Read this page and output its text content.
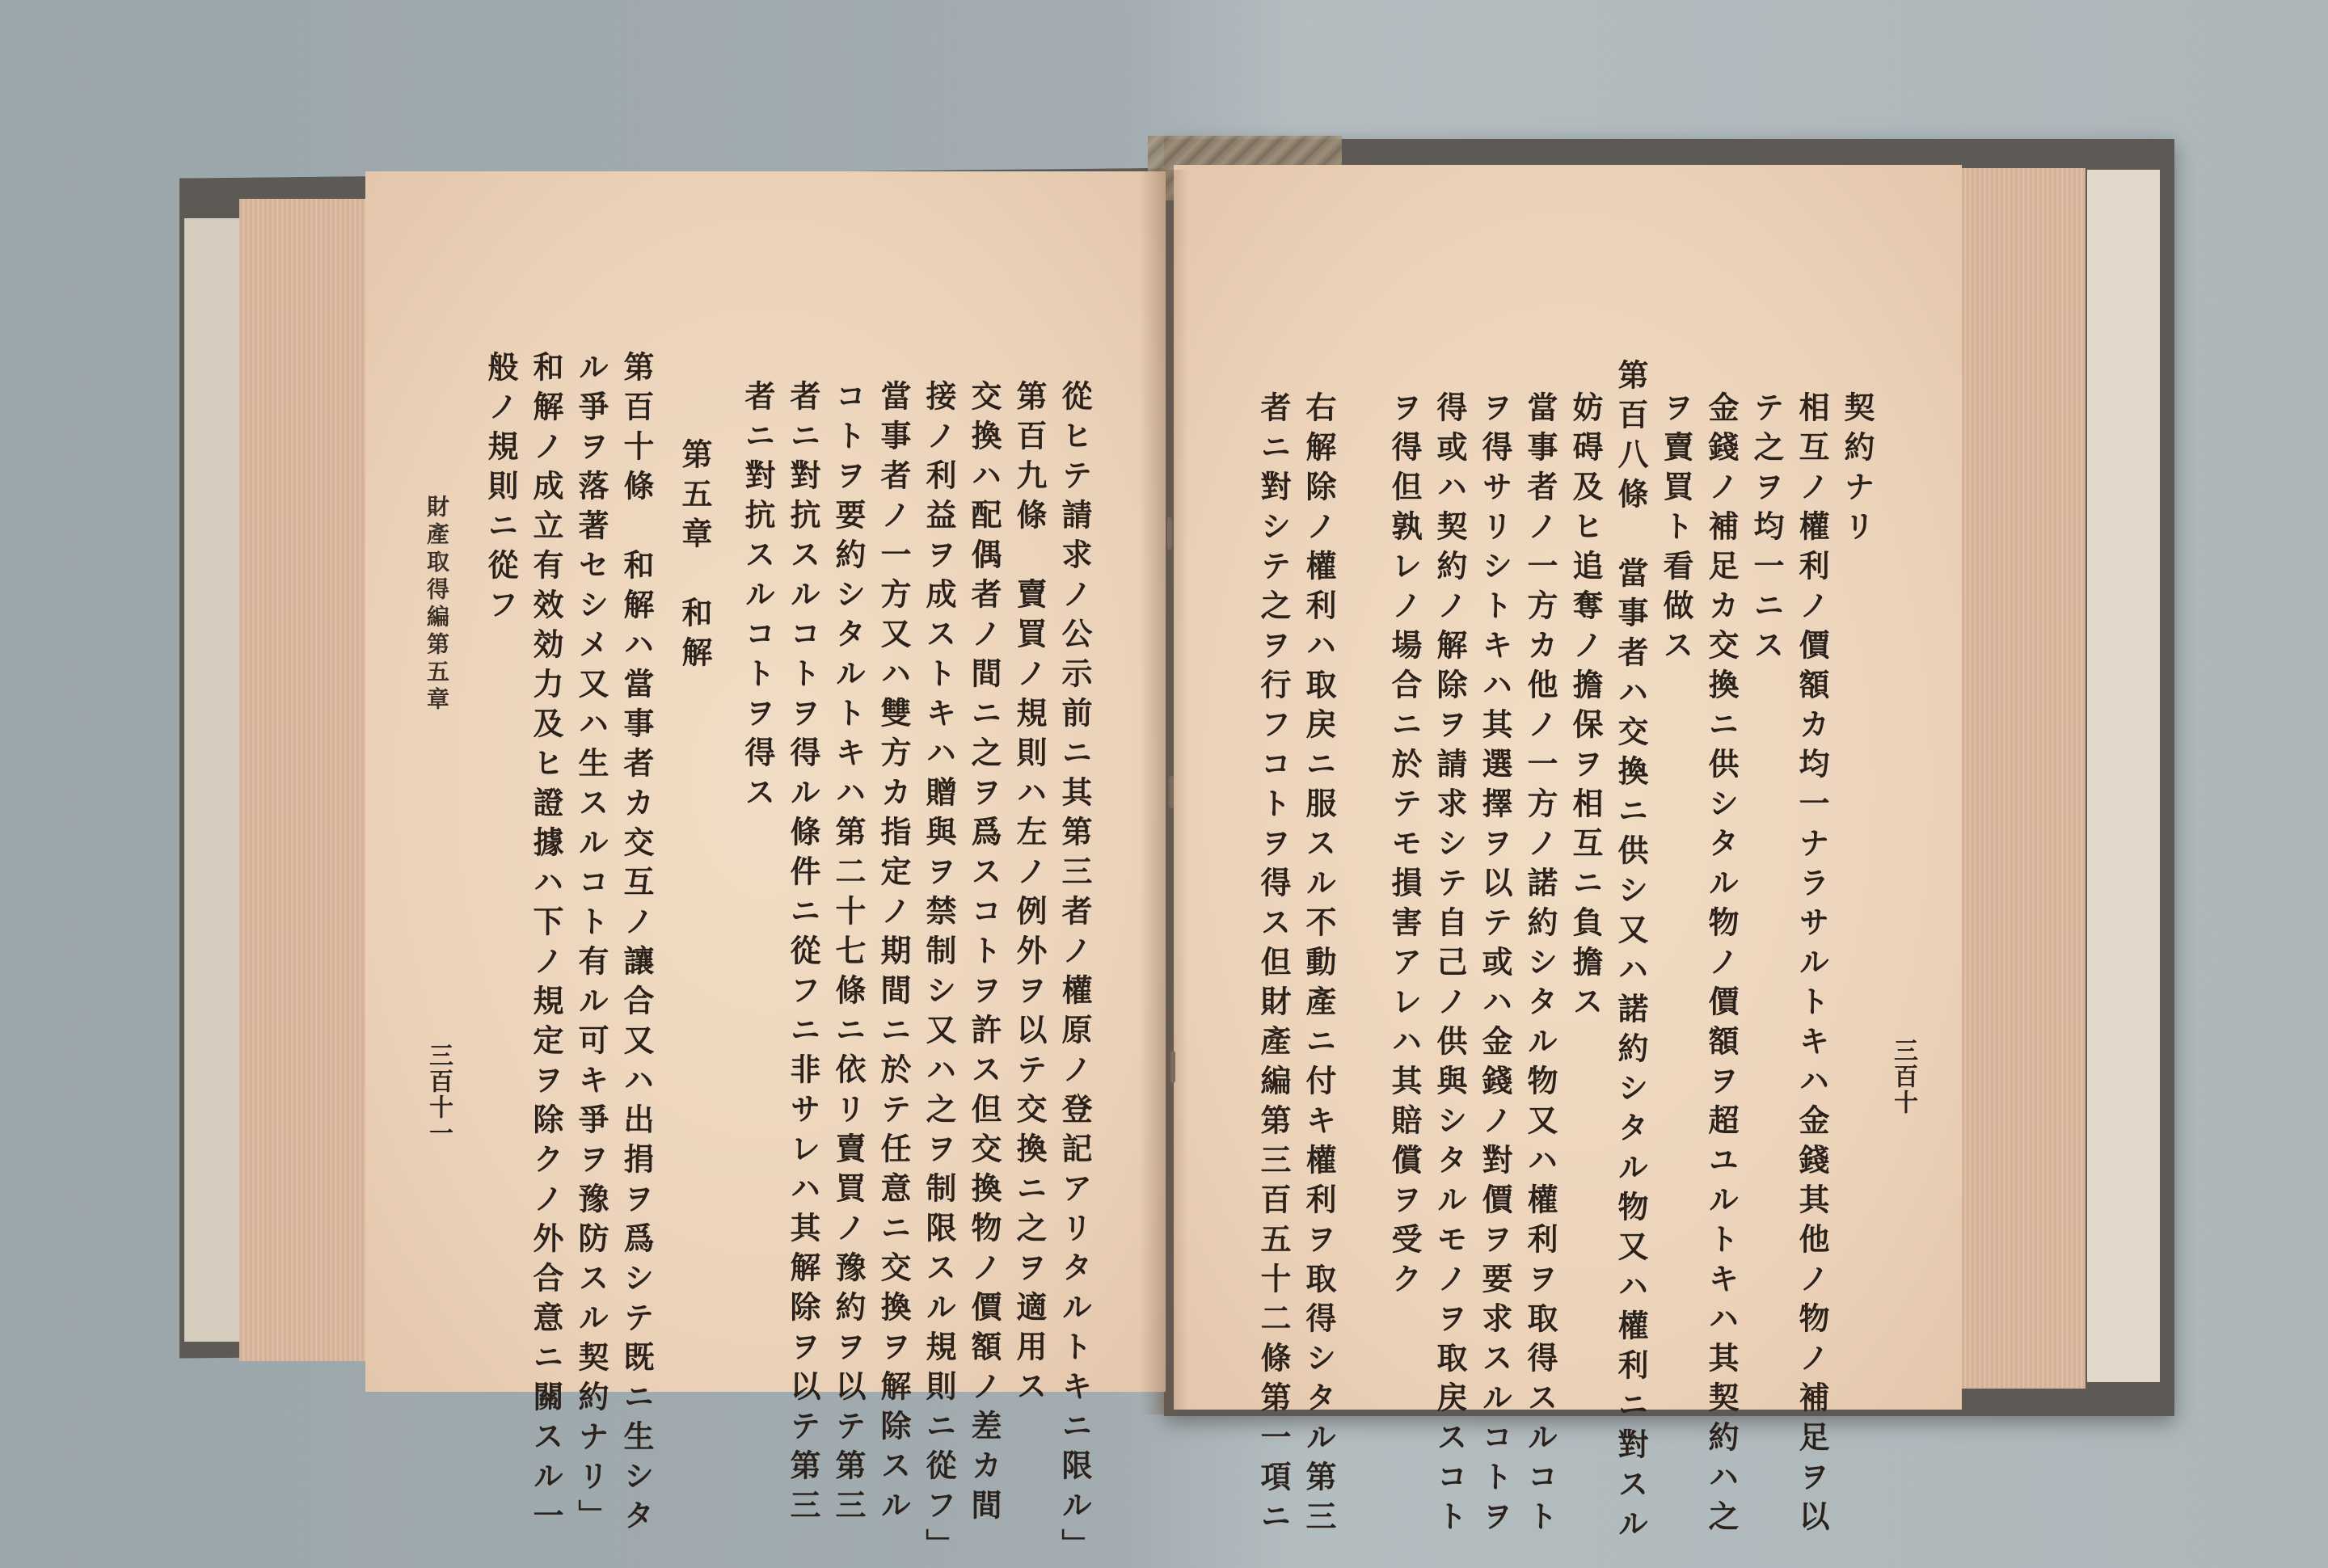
從ヒテ請求ノ公示前ニ其第三者ノ權原ノ登記アリタルトキニ限ル」
第百九條　賣買ノ規則ハ左ノ例外ヲ以テ交換ニ之ヲ適用ス
交換ハ配偶者ノ間ニ之ヲ爲スコトヲ許ス但交換物ノ價額ノ差カ間
接ノ利益ヲ成ストキハ贈與ヲ禁制シ又ハ之ヲ制限スル規則ニ從フ」
當事者ノ一方又ハ雙方カ指定ノ期間ニ於テ任意ニ交換ヲ解除スル
コトヲ要約シタルトキハ第二十七條ニ依リ賣買ノ豫約ヲ以テ第三
者ニ對抗スルコトヲ得ル條件ニ從フニ非サレハ其解除ヲ以テ第三
者ニ對抗スルコトヲ得ス
第五章　和解
第百十條　和解ハ當事者カ交互ノ讓合又ハ出捐ヲ爲シテ既ニ生シタ
ル爭ヲ落著セシメ又ハ生スルコト有ル可キ爭ヲ豫防スル契約ナリ」
和解ノ成立有效効力及ヒ證據ハ下ノ規定ヲ除クノ外合意ニ關スル一
般ノ規則ニ從フ
財產取得編第五章
三百十一
契約ナリ
相互ノ權利ノ價額カ均一ナラサルトキハ金錢其他ノ物ノ補足ヲ以
テ之ヲ均一ニス
金錢ノ補足カ交換ニ供シタル物ノ價額ヲ超ユルトキハ其契約ハ之
ヲ賣買ト看做ス
第百八條　當事者ハ交換ニ供シ又ハ諾約シタル物又ハ權利ニ對スル
妨碍及ヒ追奪ノ擔保ヲ相互ニ負擔ス
當事者ノ一方カ他ノ一方ノ諾約シタル物又ハ權利ヲ取得スルコト
ヲ得サリシトキハ其選擇ヲ以テ或ハ金錢ノ對價ヲ要求スルコトヲ
得或ハ契約ノ解除ヲ請求シテ自己ノ供與シタルモノヲ取戻スコト
ヲ得但孰レノ場合ニ於テモ損害アレハ其賠償ヲ受ク
右解除ノ權利ハ取戻ニ服スル不動產ニ付キ權利ヲ取得シタル第三
者ニ對シテ之ヲ行フコトヲ得ス但財產編第三百五十二條第一項ニ	三百十
